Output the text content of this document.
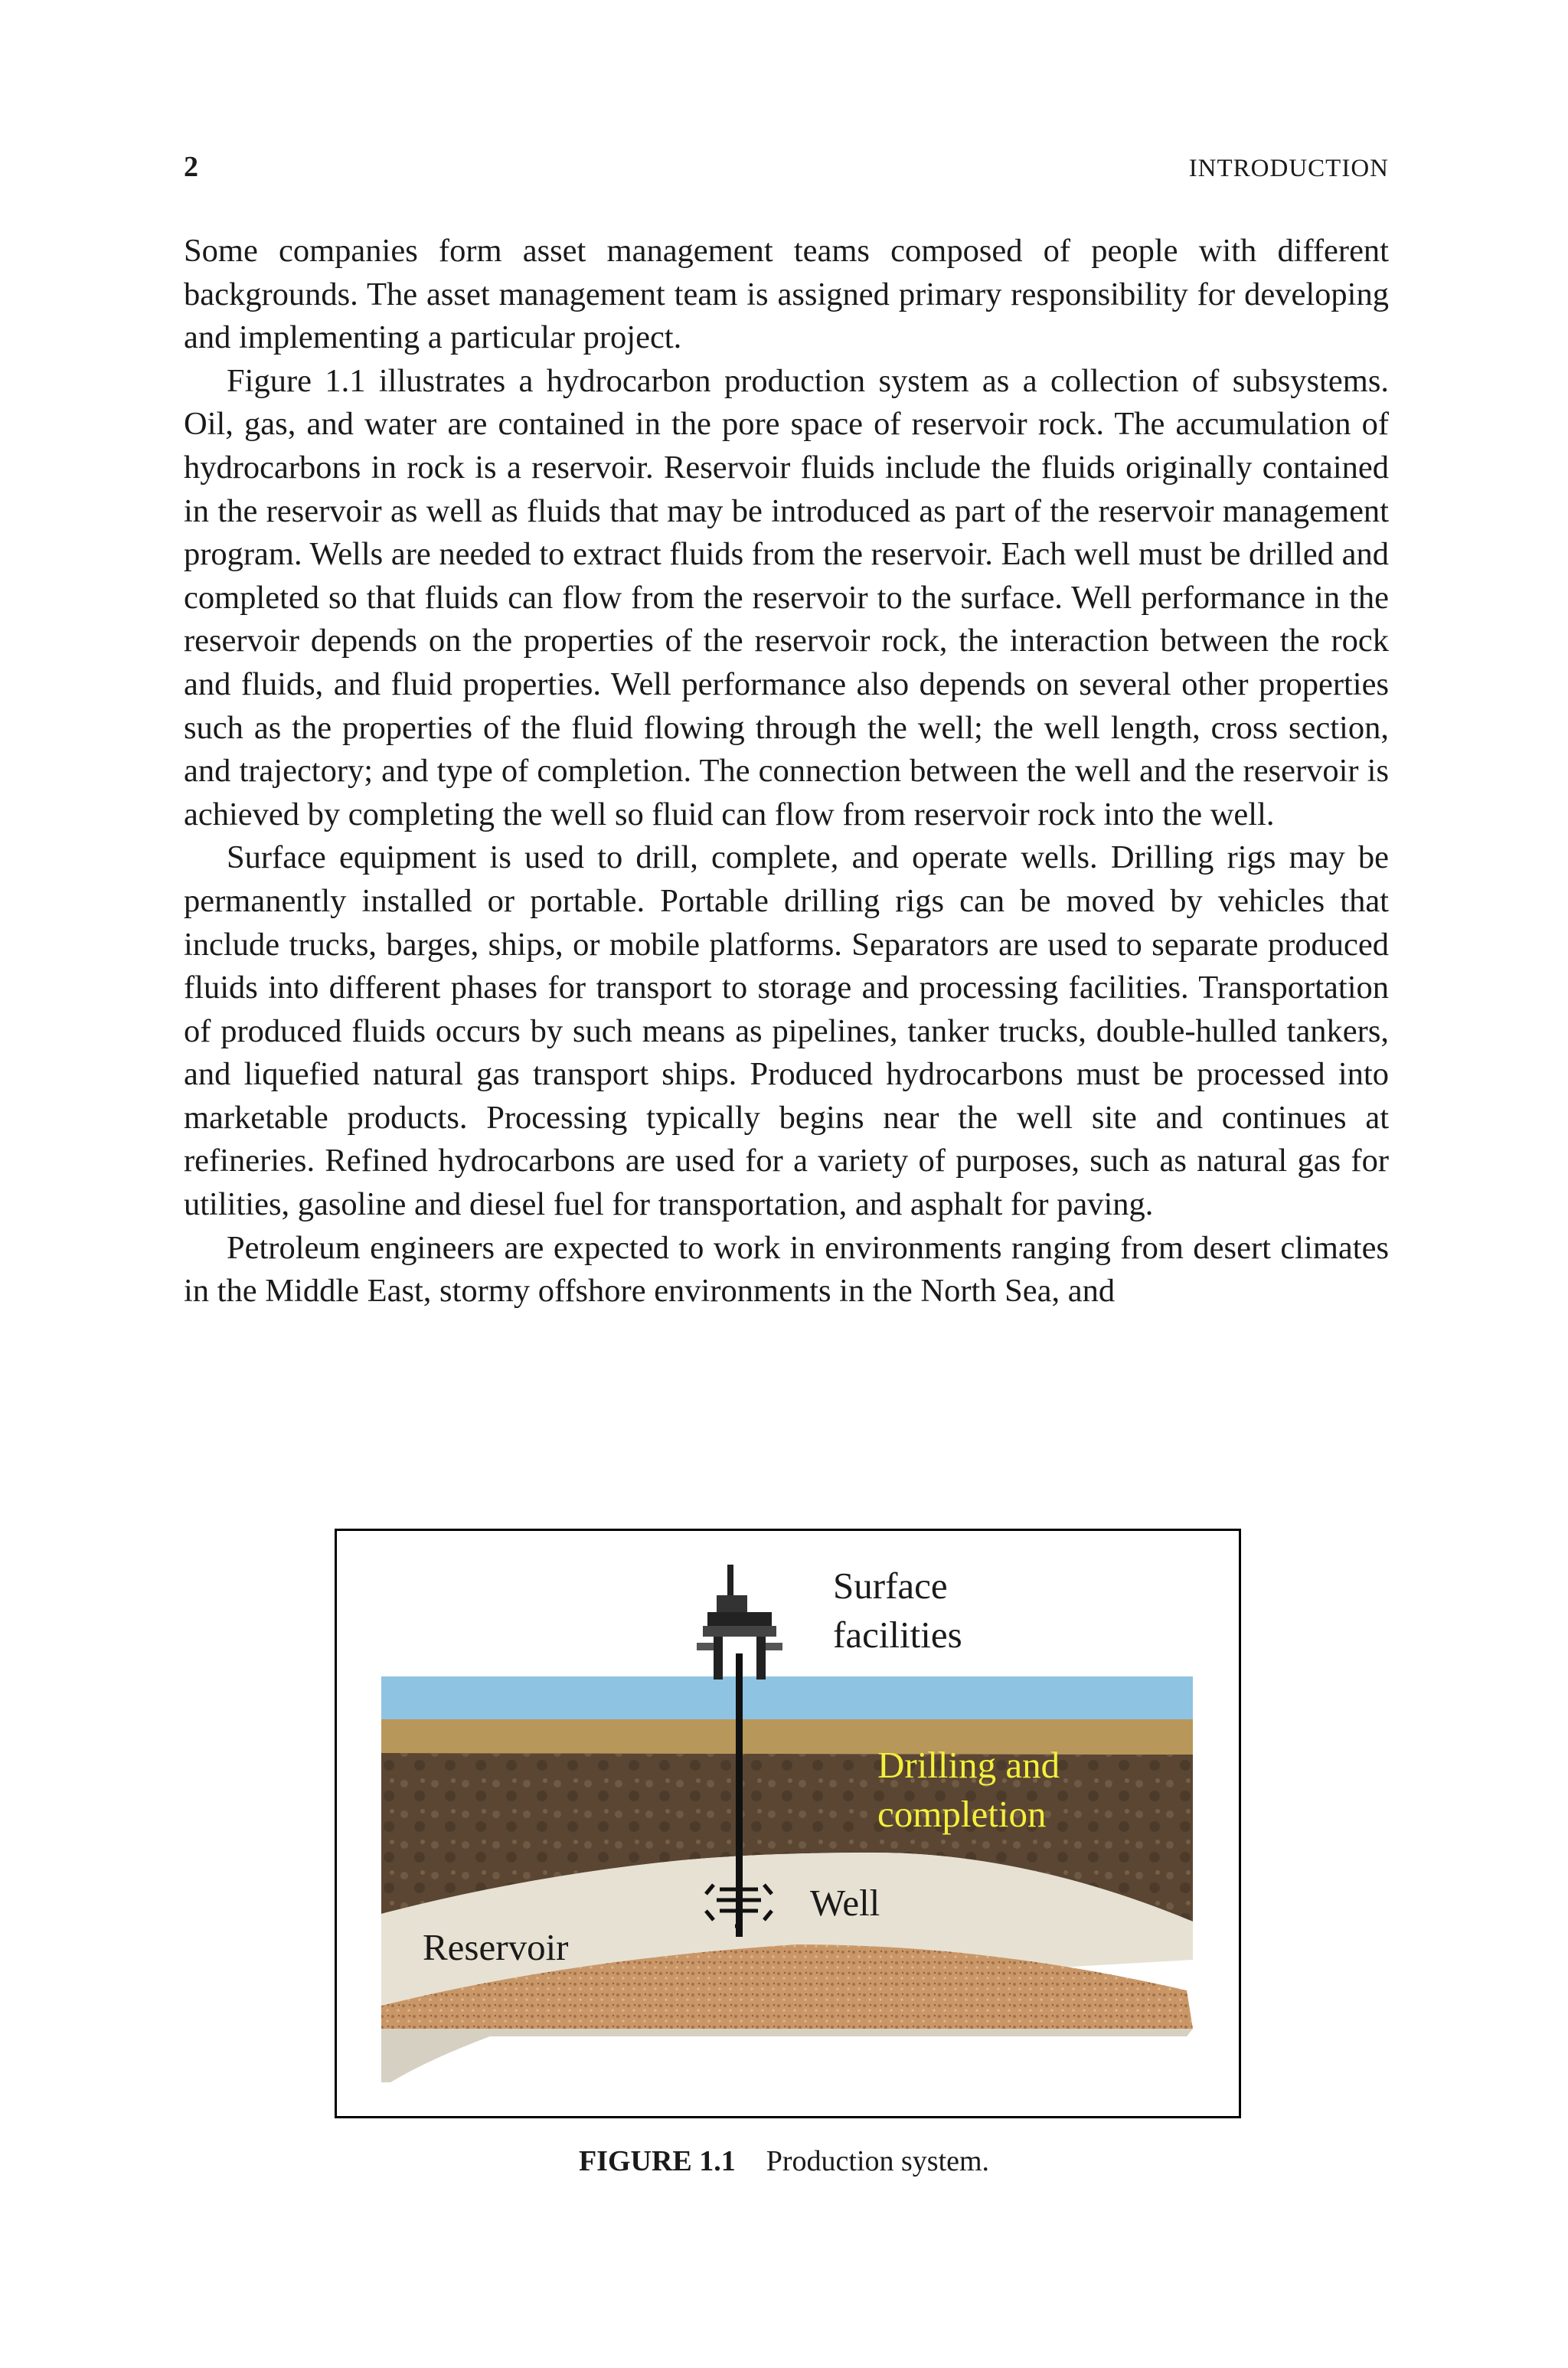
2	INTRODUCTION

Some companies form asset management teams composed of people with different backgrounds. The asset management team is assigned primary responsibility for developing and implementing a particular project.

Figure 1.1 illustrates a hydrocarbon production system as a collection of subsystems. Oil, gas, and water are contained in the pore space of reservoir rock. The accumulation of hydrocarbons in rock is a reservoir. Reservoir fluids include the fluids originally contained in the reservoir as well as fluids that may be introduced as part of the reservoir management program. Wells are needed to extract fluids from the reservoir. Each well must be drilled and completed so that fluids can flow from the reservoir to the surface. Well performance in the reservoir depends on the properties of the reservoir rock, the interaction between the rock and fluids, and fluid properties. Well performance also depends on several other properties such as the properties of the fluid flowing through the well; the well length, cross section, and trajectory; and type of completion. The connection between the well and the reservoir is achieved by completing the well so fluid can flow from reservoir rock into the well.

Surface equipment is used to drill, complete, and operate wells. Drilling rigs may be permanently installed or portable. Portable drilling rigs can be moved by vehicles that include trucks, barges, ships, or mobile platforms. Separators are used to separate produced fluids into different phases for transport to storage and processing facilities. Transportation of produced fluids occurs by such means as pipelines, tanker trucks, double-hulled tankers, and liquefied natural gas transport ships. Produced hydrocarbons must be processed into marketable products. Processing typically begins near the well site and continues at refineries. Refined hydrocarbons are used for a variety of purposes, such as natural gas for utilities, gasoline and diesel fuel for transportation, and asphalt for paving.

Petroleum engineers are expected to work in environments ranging from desert climates in the Middle East, stormy offshore environments in the North Sea, and

Surface
facilities
Drilling and
completion
Well
Reservoir
FIGURE 1.1 Production system.
